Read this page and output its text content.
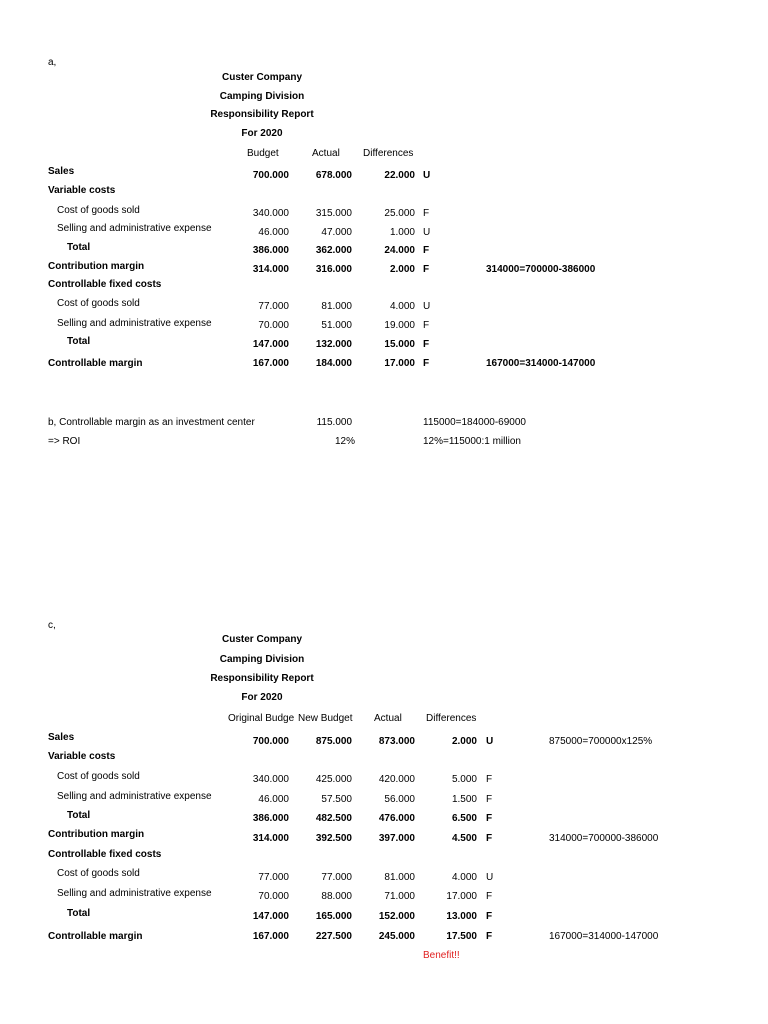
a,
Custer Company
Camping Division
Responsibility Report
For 2020
Budget	Actual Differences
Sales	700.000	678.000	22.000 U
Variable costs
Cost of goods sold	340.000	315.000	25.000 F
Selling and administrative expense	46.000	47.000	1.000 U
Total	386.000	362.000	24.000 F
Contribution margin	314.000	316.000	2.000 F	314000=700000-386000
Controllable fixed costs
Cost of goods sold	77.000	81.000	4.000 U
Selling and administrative expense	70.000	51.000	19.000 F
Total	147.000	132.000	15.000 F
Controllable margin	167.000	184.000	17.000 F	167000=314000-147000
b, Controllable margin as an investment center	115.000	115000=184000-69000
=> ROI	12%	12%=115000:1 million
c,
Custer Company
Camping Division
Responsibility Report
For 2020
Original Budge New Budget Actual Differences
Sales	700.000	875.000	873.000	2.000 U	875000=700000x125%
Variable costs
Cost of goods sold	340.000	425.000	420.000	5.000 F
Selling and administrative expense	46.000	57.500	56.000	1.500 F
Total	386.000	482.500	476.000	6.500 F
Contribution margin	314.000	392.500	397.000	4.500 F	314000=700000-386000
Controllable fixed costs
Cost of goods sold	77.000	77.000	81.000	4.000 U
Selling and administrative expense	70.000	88.000	71.000	17.000 F
Total	147.000	165.000	152.000	13.000 F
Controllable margin	167.000	227.500	245.000	17.500 F	167000=314000-147000
Benefit!!
